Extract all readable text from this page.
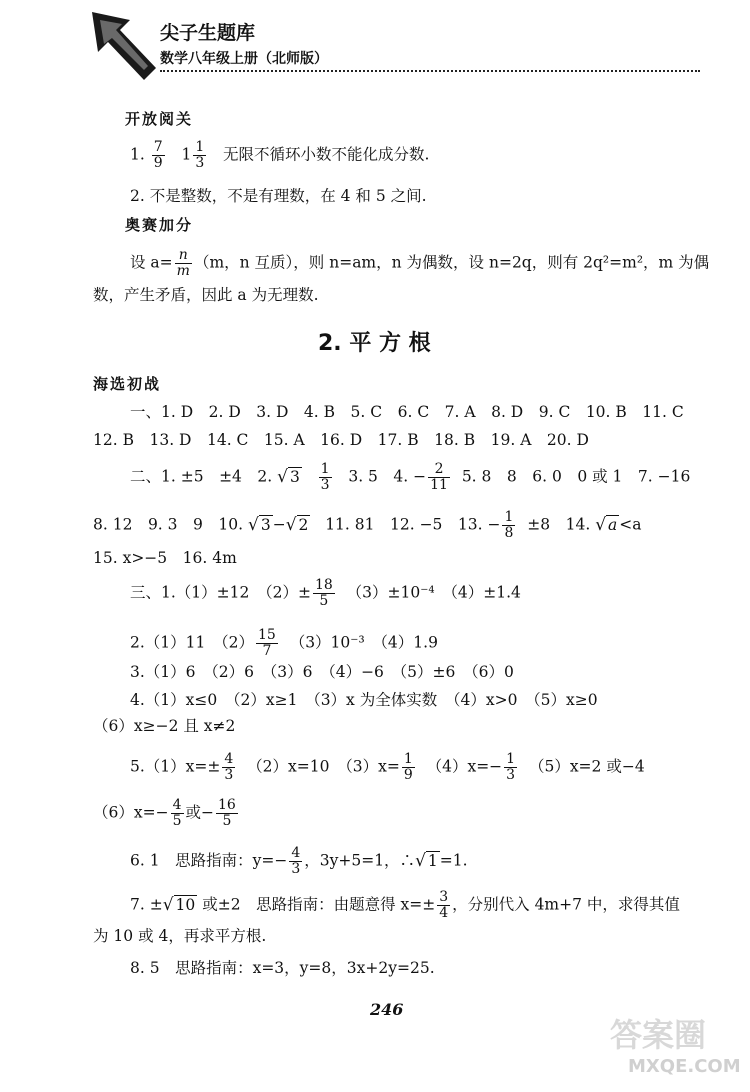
尖子生题库
数学八年级上册（北师版）
开放阅关
1. $\frac{7}{9} 1 \frac{1}{3}$ 无限不循环小数不能化成分数.
2. 不是整数，不是有理数，在 4 和 5 之间.
奥赛加分
设 $a= \frac{n}{m} (m$，n 互质），则 n=am，n 为偶数，设 n=2q，则有 2q²=m²，m 为偶
数，产生矛盾，因此 a 为无理数.
2. 平 方 根
海选初战
一、1. D　2. D　3. D　4. B　5. C　6. C　7. A　8. D　9. C　10. B　11. C
12. B　13. D　14. C　15. A　16. D　17. B　18. B　19. A　20. D
二、1. ±5　±4　2. √ $3 \frac{1}{3} 3$. 5　4. − $\frac{2}{11} 5$. 8　8　6. 0　0 或 1　7. −16
8. 12　9. 3　9　10. √ 3 −√ 2 11. 81　12. −5　13. − $\frac{1}{8} \pm 8$　14. √ a <a
15. x>−5　16. 4m
三、1.（1）±12　$(2)\pm \frac{18}{5} (3)\pm 10^{-4}$　（4）±1.4
2.（1）11　$(2) \frac{15}{7} (3)10^{-3}$　（4）1.9
3.（1）6　（2）6　（3）6　（4）−6　（5）±6　（6）0
4.（1）x≤0　（2）x≥1　（3）x 为全体实数　（4）x>0　（5）x≥0
（6）x≥−2 且 x≠2
$5.(1)x=\pm \frac{4}{3} (2)x=10$　$(3)x= \frac{1}{9} (4)x=- \frac{1}{3} (5)x=2$ 或−4
$(6)x=- \frac{4}{5}$ 或− $\frac{16}{5}$
6. 1　思路指南：$y=- \frac{4}{3}$ ，3y+5=1，∴√ 1 =1.
7. ±√ 10 或±2　思路指南：由题意得 $x=\pm \frac{3}{4}$ ，分别代入 4m+7 中，求得其值
为 10 或 4，再求平方根.
8. 5　思路指南：x=3，y=8，3x+2y=25.
246
答案圈
MXQE.COM
